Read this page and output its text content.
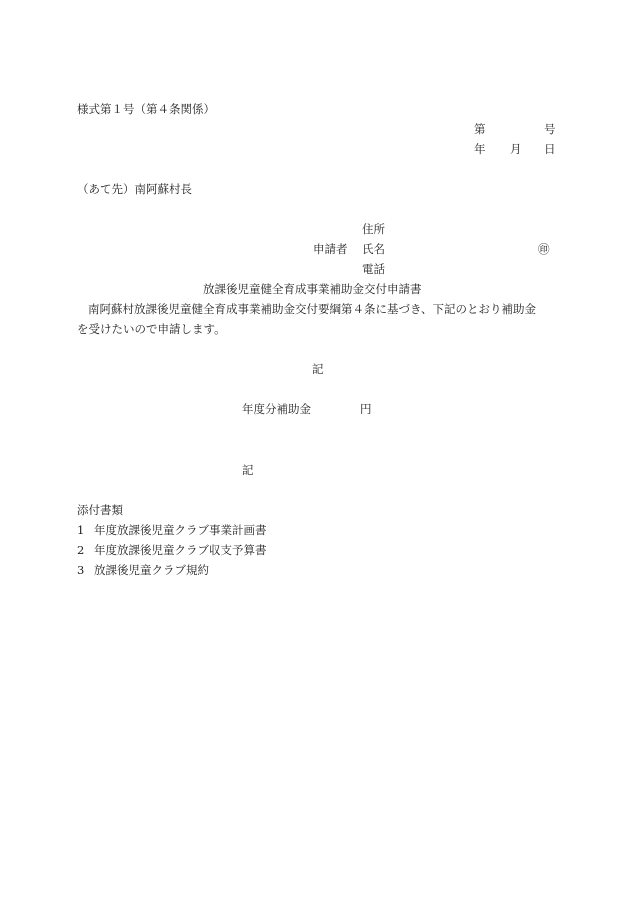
様式第１号（第４条関係）
第	号
年 月 日
（あて先）南阿蘇村長
住所
申請者 氏名	㊞
電話
放課後児童健全育成事業補助金交付申請書
南阿蘇村放課後児童健全育成事業補助金交付要綱第４条に基づき、下記のとおり補助金
を受けたいので申請します。
記
年度分補助金	円
記
添付書類
1 年度放課後児童クラブ事業計画書
2 年度放課後児童クラブ収支予算書
3 放課後児童クラブ規約
